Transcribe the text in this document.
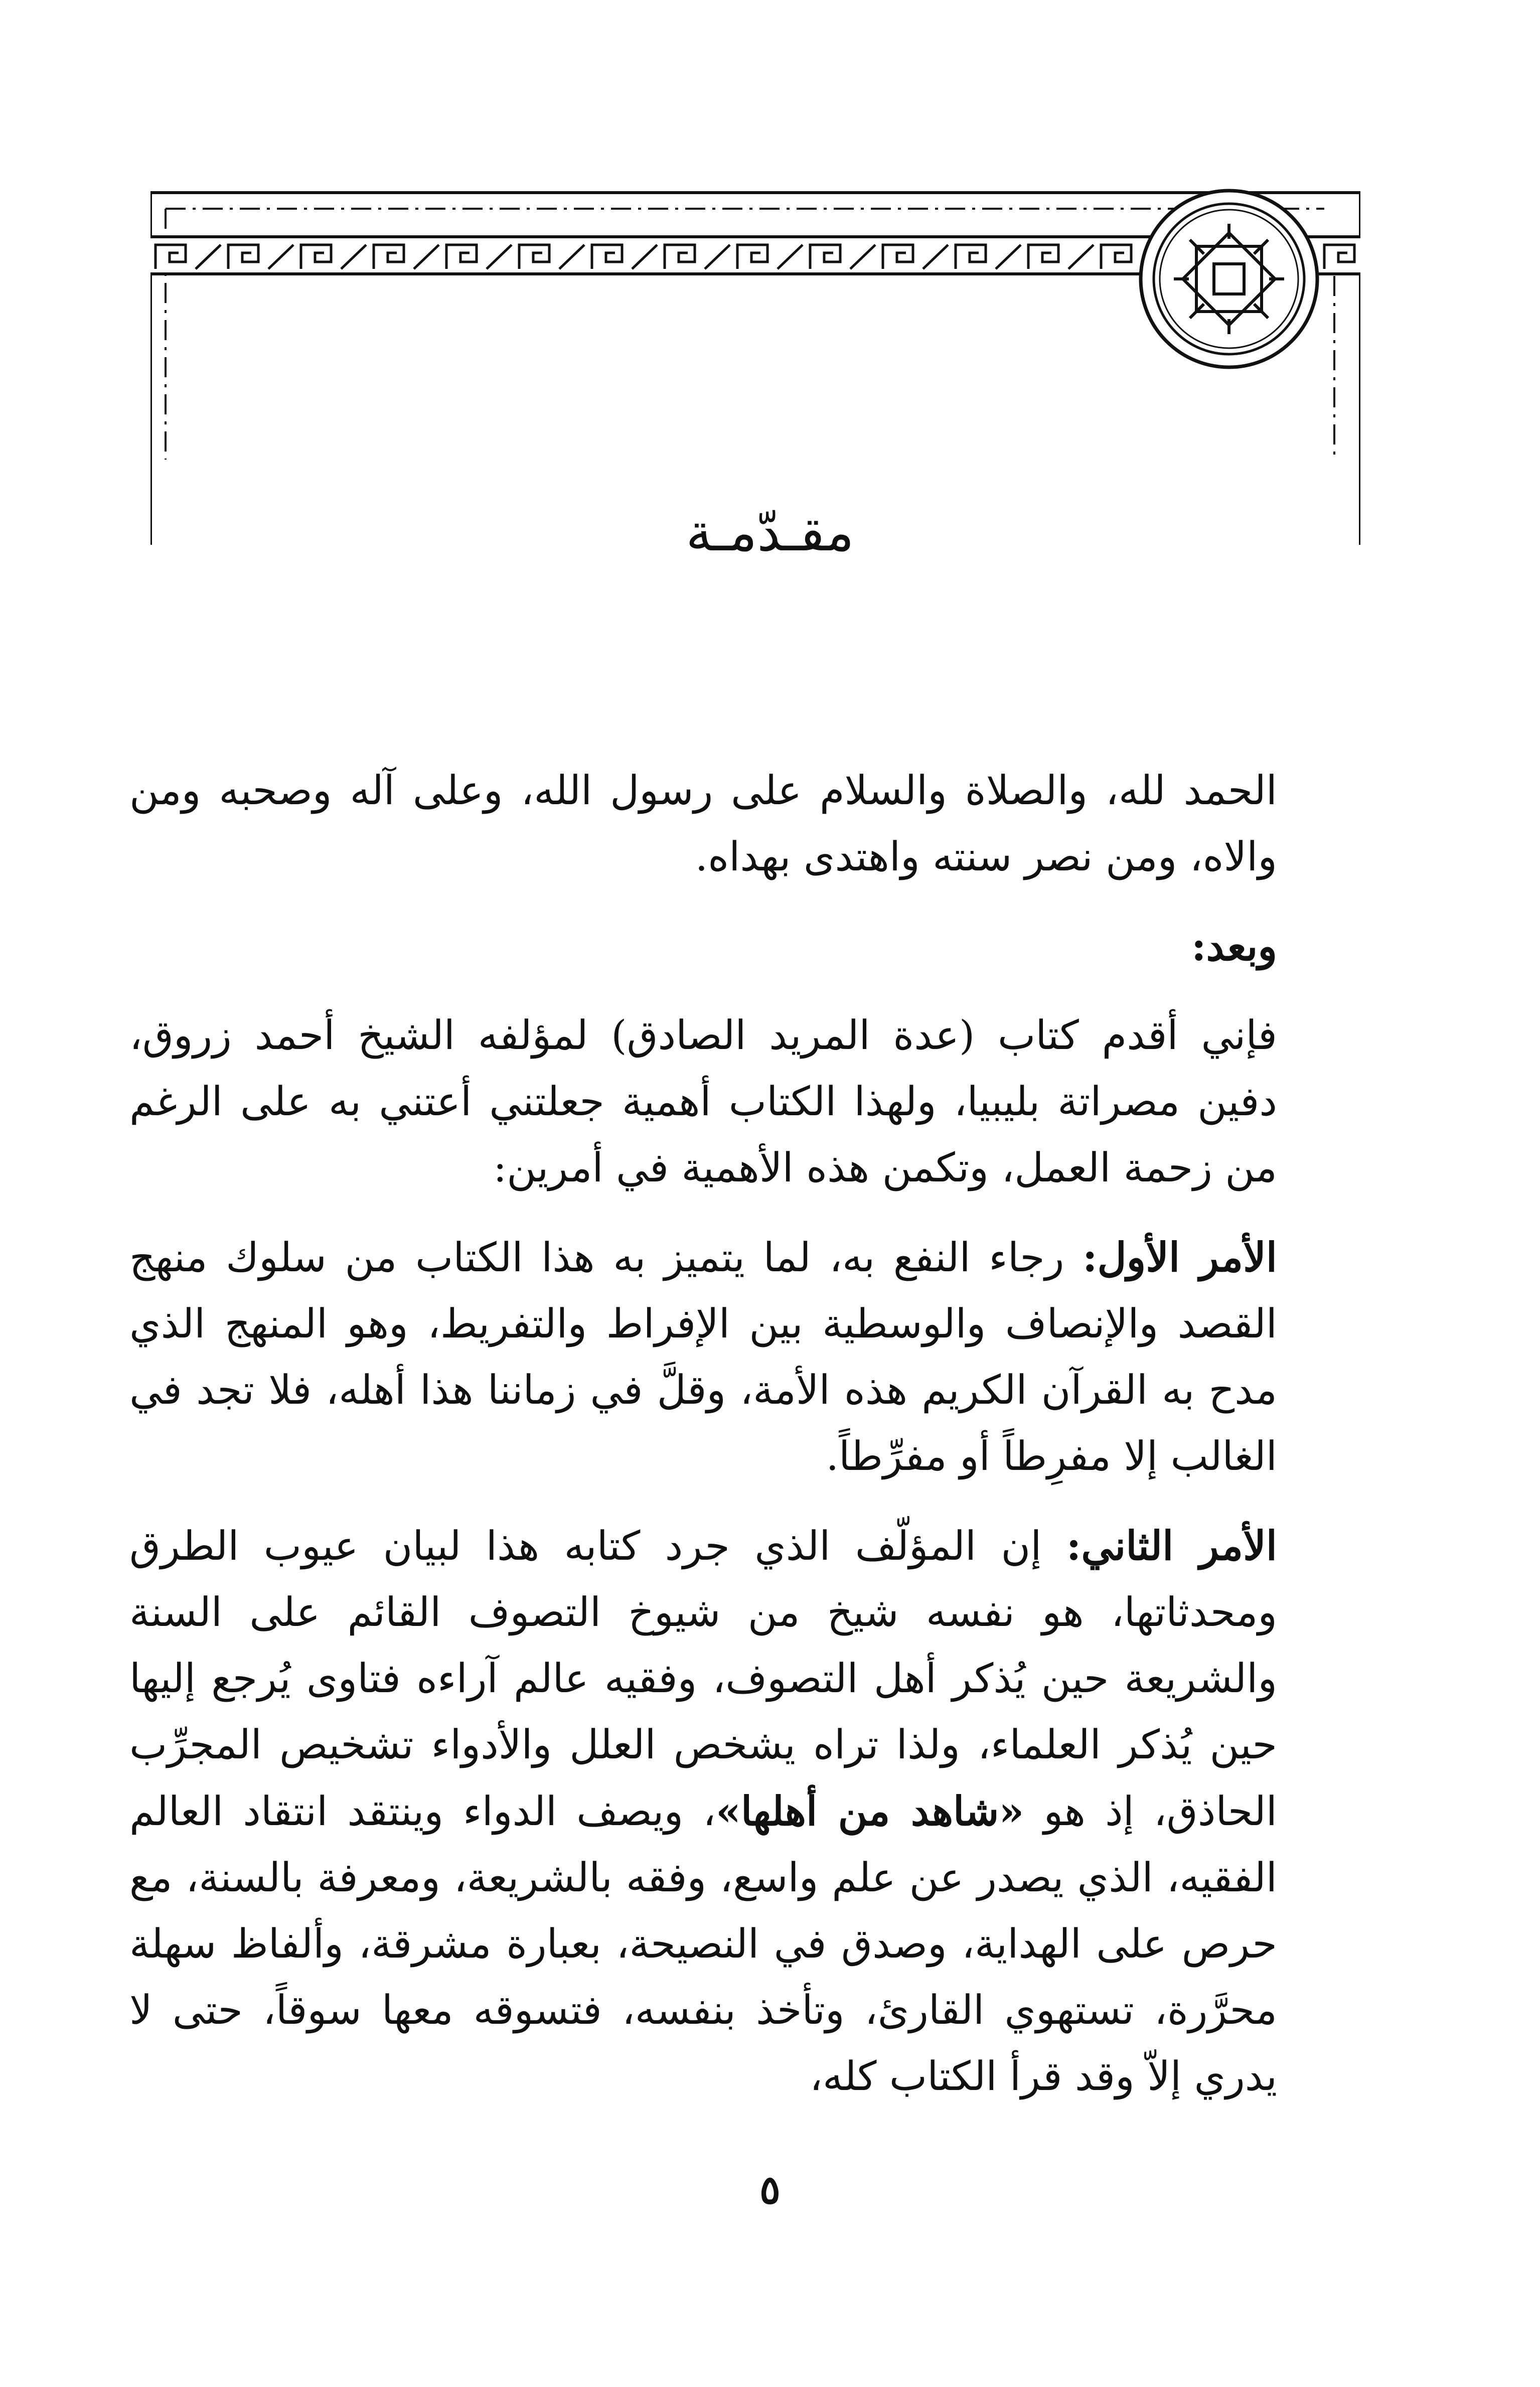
مقـدّمـة

الحمد لله، والصلاة والسلام على رسول الله، وعلى آله وصحبه ومن والاه، ومن نصر سنته واهتدى بهداه.

وبعد:

فإني أقدم كتاب (عدة المريد الصادق) لمؤلفه الشيخ أحمد زروق، دفين مصراتة بليبيا، ولهذا الكتاب أهمية جعلتني أعتني به على الرغم من زحمة العمل، وتكمن هذه الأهمية في أمرين:

الأمر الأول: رجاء النفع به، لما يتميز به هذا الكتاب من سلوك منهج القصد والإنصاف والوسطية بين الإفراط والتفريط، وهو المنهج الذي مدح به القرآن الكريم هذه الأمة، وقلَّ في زماننا هذا أهله، فلا تجد في الغالب إلا مفرِطاً أو مفرِّطاً.

الأمر الثاني: إن المؤلّف الذي جرد كتابه هذا لبيان عيوب الطرق ومحدثاتها، هو نفسه شيخ من شيوخ التصوف القائم على السنة والشريعة حين يُذكر أهل التصوف، وفقيه عالم آراءه فتاوى يُرجع إليها حين يُذكر العلماء، ولذا تراه يشخص العلل والأدواء تشخيص المجرِّب الحاذق، إذ هو «شاهد من أهلها»، ويصف الدواء وينتقد انتقاد العالم الفقيه، الذي يصدر عن علم واسع، وفقه بالشريعة، ومعرفة بالسنة، مع حرص على الهداية، وصدق في النصيحة، بعبارة مشرقة، وألفاظ سهلة محرَّرة، تستهوي القارئ، وتأخذ بنفسه، فتسوقه معها سوقاً، حتى لا يدري إلاّ وقد قرأ الكتاب كله،

٥
